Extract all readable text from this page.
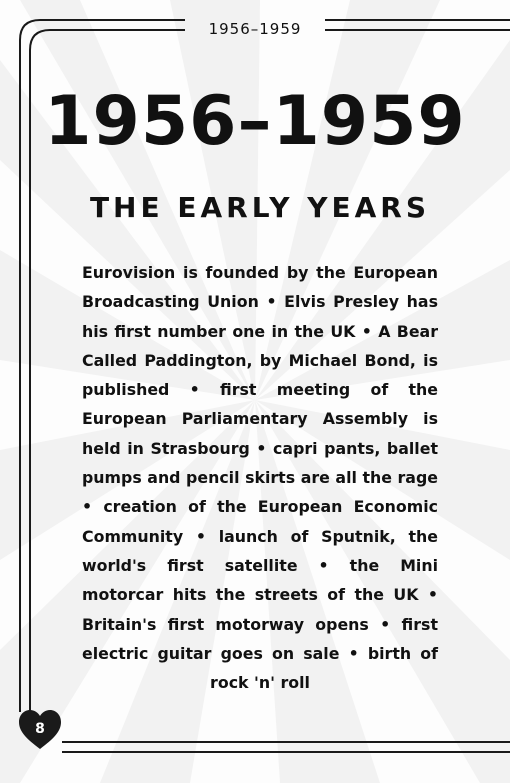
1956–1959
1956–1959
THE EARLY YEARS
Eurovision is founded by the European Broadcasting Union • Elvis Presley has his first number one in the UK • A Bear Called Paddington, by Michael Bond, is published • first meeting of the European Parliamentary Assembly is held in Strasbourg • capri pants, ballet pumps and pencil skirts are all the rage • creation of the European Economic Community • launch of Sputnik, the world's first satellite • the Mini motorcar hits the streets of the UK • Britain's first motorway opens • first electric guitar goes on sale • birth of rock 'n' roll
8
